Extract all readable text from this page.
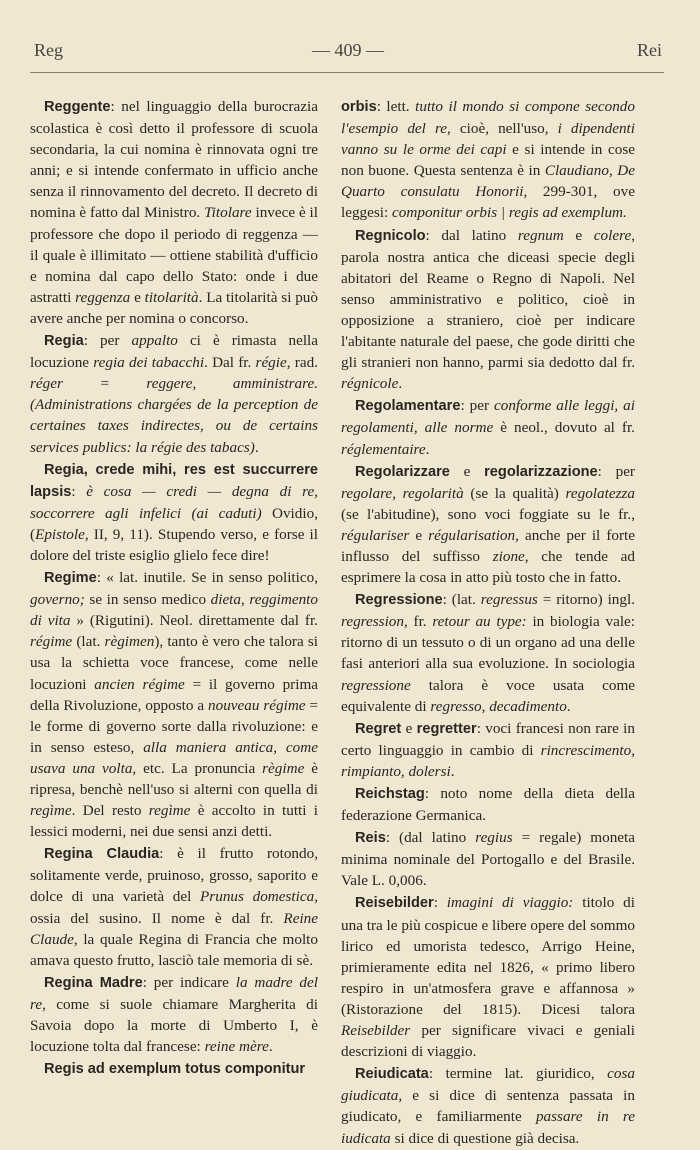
Reg	— 409 —	Rei

Reggente: nel linguaggio della burocrazia scolastica è così detto il professore di scuola secondaria, la cui nomina è rinnovata ogni tre anni; e si intende confermato in ufficio anche senza il rinnovamento del decreto. Il decreto di nomina è fatto dal Ministro. Titolare invece è il professore che dopo il periodo di reggenza — il quale è illimitato — ottiene stabilità d'ufficio e nomina dal capo dello Stato: onde i due astratti reggenza e titolarità. La titolarità si può avere anche per nomina o concorso.

Regia: per appalto ci è rimasta nella locuzione regia dei tabacchi. Dal fr. régie, rad. réger = reggere, amministrare. (Administrations chargées de la perception de certaines taxes indirectes, ou de certains services publics: la régie des tabacs).

Regia, crede mihi, res est succurrere lapsis: è cosa — credi — degna di re, soccorrere agli infelici (ai caduti) Ovidio, (Epistole, II, 9, 11). Stupendo verso, e forse il dolore del triste esiglio glielo fece dire!

Regime: « lat. inutile. Se in senso politico, governo; se in senso medico dieta, reggimento di vita » (Rigutini). Neol. direttamente dal fr. régime (lat. règimen), tanto è vero che talora si usa la schietta voce francese, come nelle locuzioni ancien régime = il governo prima della Rivoluzione, opposto a nouveau régime = le forme di governo sorte dalla rivoluzione: e in senso esteso, alla maniera antica, come usava una volta, etc. La pronuncia règime è ripresa, benchè nell'uso si alterni con quella di regìme. Del resto regìme è accolto in tutti i lessici moderni, nei due sensi anzi detti.

Regina Claudia: è il frutto rotondo, solitamente verde, pruinoso, grosso, saporito e dolce di una varietà del Prunus domestica, ossia del susino. Il nome è dal fr. Reine Claude, la quale Regina di Francia che molto amava questo frutto, lasciò tale memoria di sè.

Regina Madre: per indicare la madre del re, come si suole chiamare Margherita di Savoia dopo la morte di Umberto I, è locuzione tolta dal francese: reine mère.

Regis ad exemplum totus componitur

orbis: lett. tutto il mondo si compone secondo l'esempio del re, cioè, nell'uso, i dipendenti vanno su le orme dei capi e si intende in cose non buone. Questa sentenza è in Claudiano, De Quarto consulatu Honorii, 299-301, ove leggesi: componitur orbis | regis ad exemplum.

Regnicolo: dal latino regnum e colere, parola nostra antica che diceasi specie degli abitatori del Reame o Regno di Napoli. Nel senso amministrativo e politico, cioè in opposizione a straniero, cioè per indicare l'abitante naturale del paese, che gode diritti che gli stranieri non hanno, parmi sia dedotto dal fr. régnicole.

Regolamentare: per conforme alle leggi, ai regolamenti, alle norme è neol., dovuto al fr. réglementaire.

Regolarizzare e regolarizzazione: per regolare, regolarità (se la qualità) regolatezza (se l'abitudine), sono voci foggiate su le fr., régulariser e régularisation, anche per il forte influsso del suffisso zione, che tende ad esprimere la cosa in atto più tosto che in fatto.

Regressione: (lat. regressus = ritorno) ingl. regression, fr. retour au type: in biologia vale: ritorno di un tessuto o di un organo ad una delle fasi anteriori alla sua evoluzione. In sociologia regressione talora è voce usata come equivalente di regresso, decadimento.

Regret e regretter: voci francesi non rare in certo linguaggio in cambio di rincrescimento, rimpianto, dolersi.

Reichstag: noto nome della dieta della federazione Germanica.

Reis: (dal latino regius = regale) moneta minima nominale del Portogallo e del Brasile. Vale L. 0,006.

Reisebilder: imagini di viaggio: titolo di una tra le più cospicue e libere opere del sommo lirico ed umorista tedesco, Arrigo Heine, primieramente edita nel 1826, « primo libero respiro in un'atmosfera grave e affannosa » (Ristorazione del 1815). Dicesi talora Reisebilder per significare vivaci e geniali descrizioni di viaggio.

Reiudicata: termine lat. giuridico, cosa giudicata, e si dice di sentenza passata in giudicato, e familiarmente passare in re iudicata si dice di questione già decisa.
